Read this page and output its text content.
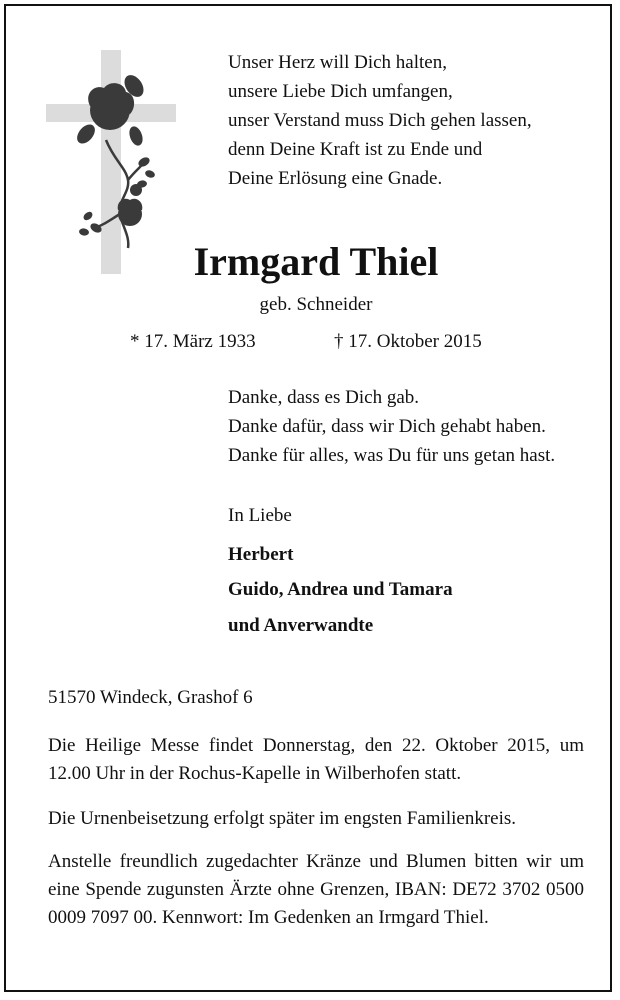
Unser Herz will Dich halten,
unsere Liebe Dich umfangen,
unser Verstand muss Dich gehen lassen,
denn Deine Kraft ist zu Ende und
Deine Erlösung eine Gnade.
Irmgard Thiel
geb. Schneider
* 17. März 1933	† 17. Oktober 2015
Danke, dass es Dich gab.
Danke dafür, dass wir Dich gehabt haben.
Danke für alles, was Du für uns getan hast.
In Liebe
Herbert
Guido, Andrea und Tamara
und Anverwandte
51570 Windeck, Grashof 6

Die Heilige Messe findet Donnerstag, den 22. Oktober 2015, um 12.00 Uhr in der Rochus-Kapelle in Wilberhofen statt.

Die Urnenbeisetzung erfolgt später im engsten Familienkreis.

Anstelle freundlich zugedachter Kränze und Blumen bitten wir um eine Spende zugunsten Ärzte ohne Grenzen, IBAN: DE72 3702 0500 0009 7097 00. Kennwort: Im Gedenken an Irmgard Thiel.
